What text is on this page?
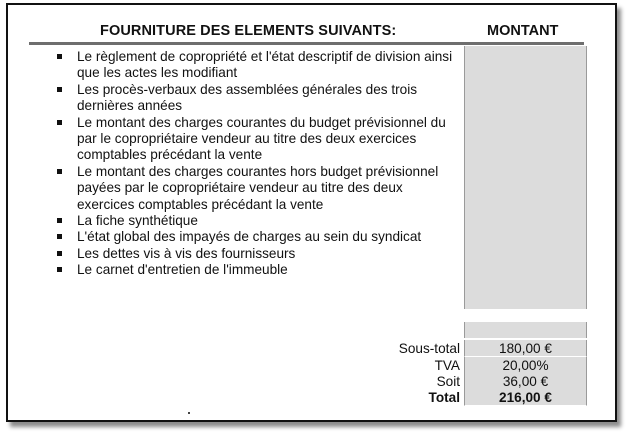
FOURNITURE DES ELEMENTS SUIVANTS:	MONTANT
Le règlement de copropriété et l'état descriptif de division ainsi que les actes les modifiant
Les procès-verbaux des assemblées générales des trois dernières années
Le montant des charges courantes du budget prévisionnel du par le copropriétaire vendeur au titre des deux exercices comptables précédant la vente
Le montant des charges courantes hors budget prévisionnel payées par le copropriétaire vendeur au titre des deux exercices comptables précédant la vente
La fiche synthétique
L'état global des impayés de charges au sein du syndicat
Les dettes vis à vis des fournisseurs
Le carnet d'entretien de l'immeuble
Sous-total	180,00 €
TVA	20,00%
Soit	36,00 €
Total	216,00 €
